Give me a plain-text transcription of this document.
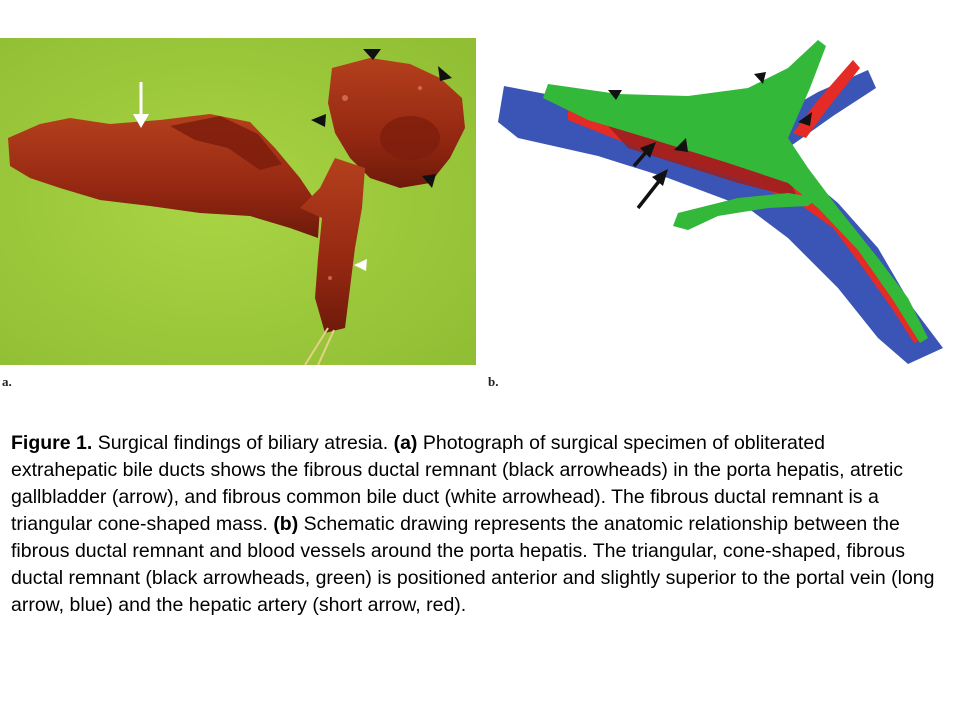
a.	b.
Figure 1. Surgical findings of biliary atresia. (a) Photograph of surgical specimen of obliterated extrahepatic bile ducts shows the fibrous ductal remnant (black arrowheads) in the porta hepatis, atretic gallbladder (arrow), and fibrous common bile duct (white arrowhead). The fibrous ductal remnant is a triangular cone-shaped mass. (b) Schematic drawing represents the anatomic relationship between the fibrous ductal remnant and blood vessels around the porta hepatis. The triangular, cone-shaped, fibrous ductal remnant (black arrowheads, green) is positioned anterior and slightly superior to the portal vein (long arrow, blue) and the hepatic artery (short arrow, red).
